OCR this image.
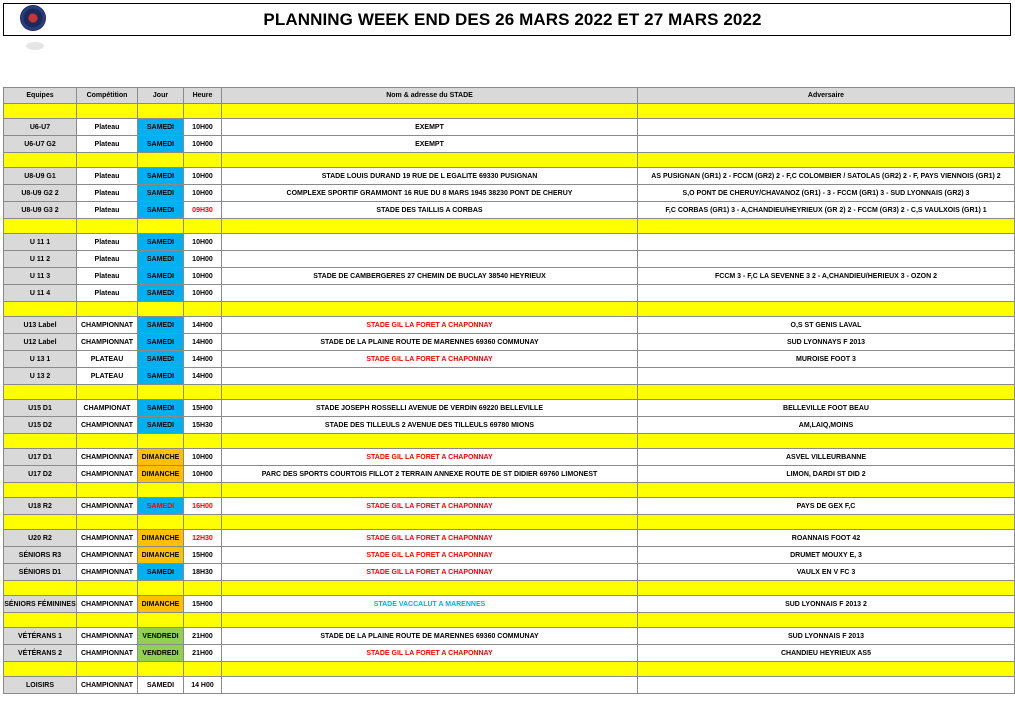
PLANNING WEEK END DES 26 MARS 2022 ET 27 MARS 2022
Equipes	Compétition	Jour	Heure	Nom & adresse du STADE	Adversaire

U6-U7	Plateau	SAMEDI	10H00	EXEMPT	
U6-U7 G2	Plateau	SAMEDI	10H00	EXEMPT	

U8-U9 G1	Plateau	SAMEDI	10H00	STADE LOUIS DURAND 19 RUE DE L EGALITE 69330 PUSIGNAN	AS PUSIGNAN (GR1) 2 - FCCM (GR2) 2 - F,C COLOMBIER / SATOLAS (GR2) 2 - F, PAYS VIENNOIS (GR1) 2
U8-U9 G2 2	Plateau	SAMEDI	10H00	COMPLEXE SPORTIF GRAMMONT 16 RUE DU 8 MARS 1945 38230 PONT DE CHERUY	S,O PONT DE CHERUY/CHAVANOZ (GR1) - 3 - FCCM (GR1) 3 - SUD LYONNAIS (GR2) 3
U8-U9 G3 2	Plateau	SAMEDI	09H30	STADE DES TAILLIS A CORBAS	F,C CORBAS (GR1) 3 - A,CHANDIEU/HEYRIEUX (GR 2) 2 - FCCM (GR3) 2 - C,S VAULXOIS (GR1) 1

U 11 1	Plateau	SAMEDI	10H00		
U 11 2	Plateau	SAMEDI	10H00		
U 11 3	Plateau	SAMEDI	10H00	STADE DE CAMBERGERES 27 CHEMIN DE BUCLAY 38540 HEYRIEUX	FCCM 3 - F,C LA SEVENNE 3 2 - A,CHANDIEU/HERIEUX 3 - OZON 2
U 11 4	Plateau	SAMEDI	10H00		

U13 Label	CHAMPIONNAT	SAMEDI	14H00	STADE GIL LA FORET A CHAPONNAY	O,S ST GENIS LAVAL
U12 Label	CHAMPIONNAT	SAMEDI	14H00	STADE DE LA PLAINE ROUTE DE MARENNES 69360 COMMUNAY	SUD LYONNAYS F 2013
U 13 1	PLATEAU	SAMEDI	14H00	STADE GIL LA FORET A CHAPONNAY	MUROISE FOOT 3
U 13 2	PLATEAU	SAMEDI	14H00		

U15 D1	CHAMPIONAT	SAMEDI	15H00	STADE JOSEPH ROSSELLI AVENUE DE VERDIN 69220 BELLEVILLE	BELLEVILLE FOOT BEAU
U15 D2	CHAMPIONNAT	SAMEDI	15H30	STADE DES TILLEULS 2 AVENUE DES TILLEULS 69780 MIONS	AM,LAIQ,MOINS

U17 D1	CHAMPIONNAT	DIMANCHE	10H00	STADE GIL LA FORET A CHAPONNAY	ASVEL VILLEURBANNE
U17 D2	CHAMPIONNAT	DIMANCHE	10H00	PARC DES SPORTS COURTOIS FILLOT 2 TERRAIN ANNEXE ROUTE DE ST DIDIER 69760 LIMONEST	LIMON, DARDI ST DID 2

U18 R2	CHAMPIONNAT	SAMEDI	16H00	STADE GIL LA FORET A CHAPONNAY	PAYS DE GEX F,C

U20 R2	CHAMPIONNAT	DIMANCHE	12H30	STADE GIL LA FORET A CHAPONNAY	ROANNAIS FOOT 42
SÉNIORS R3	CHAMPIONNAT	DIMANCHE	15H00	STADE GIL LA FORET A CHAPONNAY	DRUMET MOUXY E, 3
SÉNIORS D1	CHAMPIONNAT	SAMEDI	18H30	STADE GIL LA FORET A CHAPONNAY	VAULX EN V FC 3

SÉNIORS FÉMININES	CHAMPIONNAT	DIMANCHE	15H00	STADE VACCALUT A MARENNES	SUD LYONNAIS F 2013 2

VÉTÉRANS 1	CHAMPIONNAT	VENDREDI	21H00	STADE DE LA PLAINE ROUTE DE MARENNES 69360 COMMUNAY	SUD LYONNAIS F 2013
VÉTÉRANS 2	CHAMPIONNAT	VENDREDI	21H00	STADE GIL LA FORET A CHAPONNAY	CHANDIEU HEYRIEUX AS5

LOISIRS	CHAMPIONNAT	SAMEDI	14 H00		
